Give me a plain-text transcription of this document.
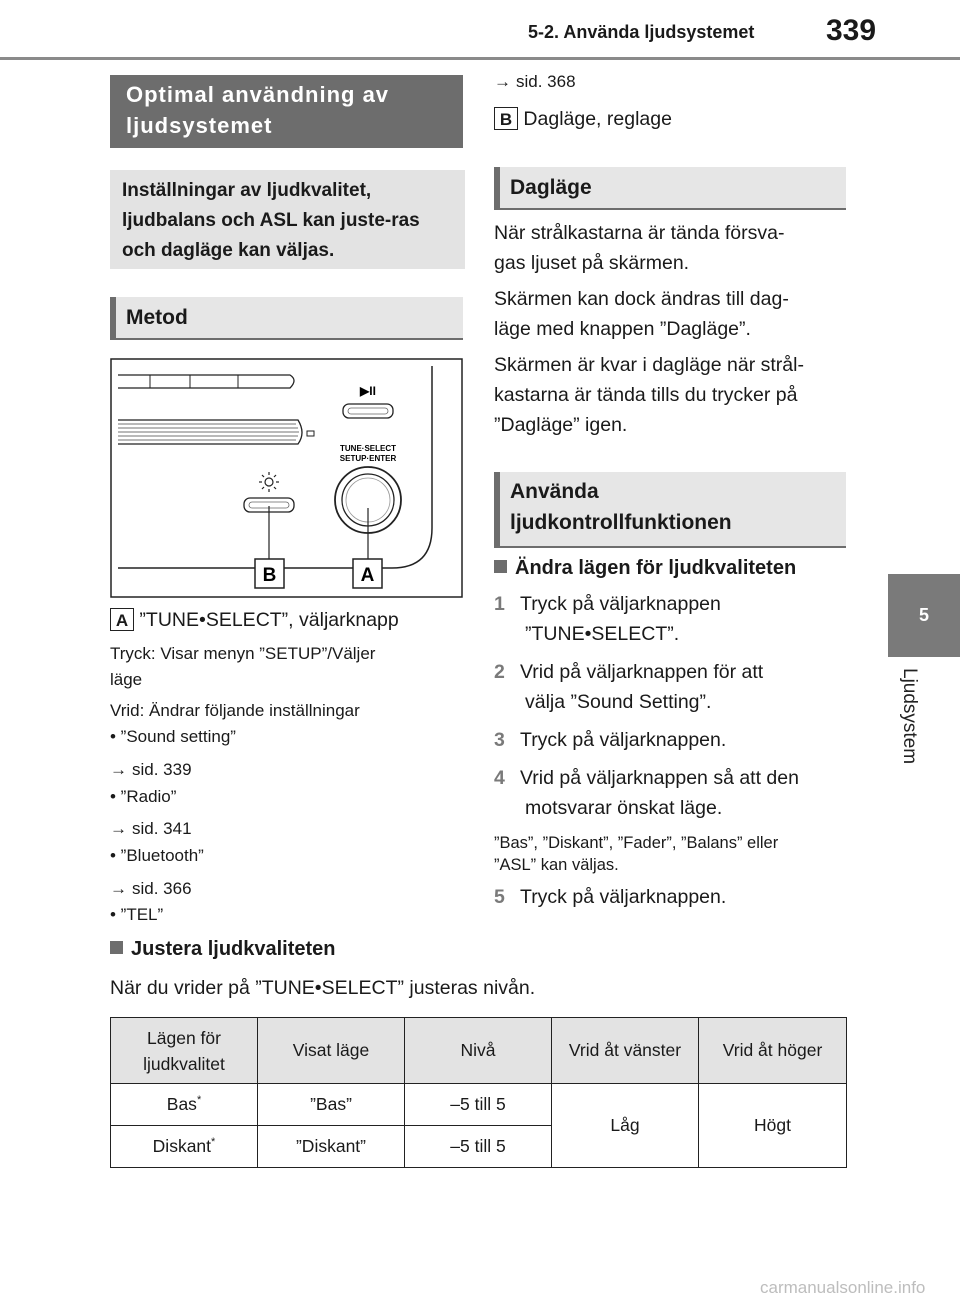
5-2. Använda ljudsystemet 339
5
Ljudsystem
Optimal användning av ljudsystemet
Inställningar av ljudkvalitet, ljudbalans och ASL kan juste-ras och dagläge kan väljas.
Metod
▶︎II
TUNE·SELECT
SETUP·ENTER
B	A
A ”TUNE•SELECT”, väljarknapp
Tryck: Visar menyn ”SETUP”/Väljer
läge
Vrid: Ändrar följande inställningar
• ”Sound setting”
→ sid. 339
• ”Radio”
→ sid. 341
• ”Bluetooth”
→ sid. 366
• ”TEL”
Justera ljudkvaliteten
När du vrider på ”TUNE•SELECT” justeras nivån.
→ sid. 368
B Dagläge, reglage
Dagläge
När strålkastarna är tända försva-
gas ljuset på skärmen.
Skärmen kan dock ändras till dag-
läge med knappen ”Dagläge”.
Skärmen är kvar i dagläge när strål-
kastarna är tända tills du trycker på
”Dagläge” igen.
Använda
ljudkontrollfunktionen
Ändra lägen för ljudkvaliteten
1 Tryck på väljarknappen
”TUNE•SELECT”.
2 Vrid på väljarknappen för att
välja ”Sound Setting”.
3 Tryck på väljarknappen.
4 Vrid på väljarknappen så att den
motsvarar önskat läge.
”Bas”, ”Diskant”, ”Fader”, ”Balans” eller
”ASL” kan väljas.
5 Tryck på väljarknappen.
Lägen för ljudkvalitet	Visat läge	Nivå	Vrid åt vänster	Vrid åt höger
Bas*	”Bas”	–5 till 5	Låg	Högt
Diskant*	”Diskant”	–5 till 5		
carmanualsonline.info
